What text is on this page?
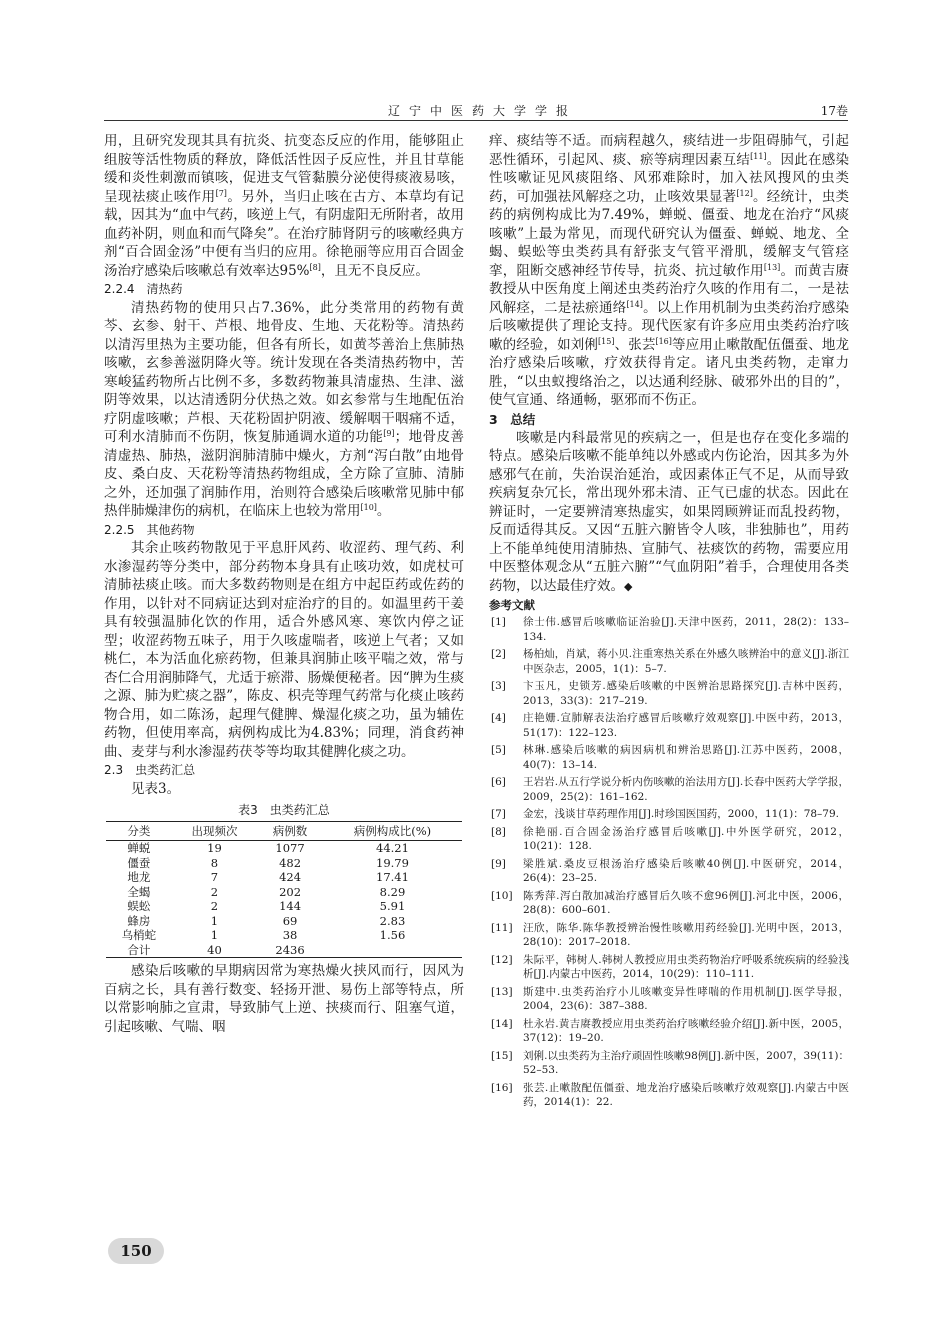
辽宁中医药大学学报	17卷

用，且研究发现其具有抗炎、抗变态反应的作用，能够阻止组胺等活性物质的释放，降低活性因子反应性，并且甘草能缓和炎性刺激而镇咳，促进支气管黏膜分泌使得痰液易咳，呈现祛痰止咳作用[7]。另外，当归止咳在古方、本草均有记载，因其为“血中气药，咳逆上气，有阴虚阳无所附者，故用血药补阴，则血和而气降矣”。在治疗肺肾阴亏的咳嗽经典方剂“百合固金汤”中便有当归的应用。徐艳丽等应用百合固金汤治疗感染后咳嗽总有效率达95%[8]，且无不良反应。

2.2.4　清热药

清热药物的使用只占7.36%，此分类常用的药物有黄芩、玄参、射干、芦根、地骨皮、生地、天花粉等。清热药以清泻里热为主要功能，但各有所长，如黄芩善治上焦肺热咳嗽，玄参善滋阴降火等。统计发现在各类清热药物中，苦寒峻猛药物所占比例不多，多数药物兼具清虚热、生津、滋阴等效果，以达清透阴分伏热之效。如玄参常与生地配伍治疗阴虚咳嗽；芦根、天花粉固护阴液、缓解咽干咽痛不适，可利水清肺而不伤阴，恢复肺通调水道的功能[9]；地骨皮善清虚热、肺热，滋阴润肺清肺中燥火，方剂“泻白散”由地骨皮、桑白皮、天花粉等清热药物组成，全方除了宣肺、清肺之外，还加强了润肺作用，治则符合感染后咳嗽常见肺中郁热伴肺燥津伤的病机，在临床上也较为常用[10]。

2.2.5　其他药物

其余止咳药物散见于平息肝风药、收涩药、理气药、利水渗湿药等分类中，部分药物本身具有止咳功效，如虎杖可清肺祛痰止咳。而大多数药物则是在组方中起臣药或佐药的作用，以针对不同病证达到对症治疗的目的。如温里药干姜具有较强温肺化饮的作用，适合外感风寒、寒饮内停之证型；收涩药物五味子，用于久咳虚喘者，咳逆上气者；又如桃仁，本为活血化瘀药物，但兼具润肺止咳平喘之效，常与杏仁合用润肺降气，尤适于瘀滞、肠燥便秘者。因“脾为生痰之源、肺为贮痰之器”，陈皮、枳壳等理气药常与化痰止咳药物合用，如二陈汤，起理气健脾、燥湿化痰之功，虽为辅佐药物，但使用率高，病例构成比为4.83%；同理，消食药神曲、麦芽与利水渗湿药茯苓等均取其健脾化痰之功。

2.3　虫类药汇总

见表3。

表3　虫类药汇总
分类	出现频次	病例数	病例构成比(%)
蝉蜕	19	1077	44.21
僵蚕	8	482	19.79
地龙	7	424	17.41
全蝎	2	202	8.29
蜈蚣	2	144	5.91
蜂房	1	69	2.83
乌梢蛇	1	38	1.56
合计	40	2436	

感染后咳嗽的早期病因常为寒热燥火挟风而行，因风为百病之长，具有善行数变、轻扬开泄、易伤上部等特点，所以常影响肺之宣肃，导致肺气上逆、挟痰而行、阻塞气道，引起咳嗽、气喘、咽

痒、痰结等不适。而病程越久，痰结进一步阻碍肺气，引起恶性循环，引起风、痰、瘀等病理因素互结[11]。因此在感染性咳嗽证见风痰阻络、风邪难除时，加入祛风搜风的虫类药，可加强祛风解痉之功，止咳效果显著[12]。经统计，虫类药的病例构成比为7.49%，蝉蜕、僵蚕、地龙在治疗“风痰咳嗽”上最为常见，而现代研究认为僵蚕、蝉蜕、地龙、全蝎、蜈蚣等虫类药具有舒张支气管平滑肌，缓解支气管痉挛，阻断交感神经节传导，抗炎、抗过敏作用[13]。而黄吉赓教授从中医角度上阐述虫类药治疗久咳的作用有二，一是祛风解痉，二是祛瘀通络[14]。以上作用机制为虫类药治疗感染后咳嗽提供了理论支持。现代医家有许多应用虫类药治疗咳嗽的经验，如刘俐[15]、张芸[16]等应用止嗽散配伍僵蚕、地龙治疗感染后咳嗽，疗效获得肯定。诸凡虫类药物，走窜力胜，“以虫蚁搜络治之，以达通利经脉、破邪外出的目的”，使气宣通、络通畅，驱邪而不伤正。

3　总结

咳嗽是内科最常见的疾病之一，但是也存在变化多端的特点。感染后咳嗽不能单纯以外感或内伤论治，因其多为外感邪气在前，失治误治延治，或因素体正气不足，从而导致疾病复杂冗长，常出现外邪未清、正气已虚的状态。因此在辨证时，一定要辨清寒热虚实，如果罔顾辨证而乱投药物，反而适得其反。又因“五脏六腑皆令人咳，非独肺也”，用药上不能单纯使用清肺热、宣肺气、祛痰饮的药物，需要应用中医整体观念从“五脏六腑”“气血阴阳”着手，合理使用各类药物，以达最佳疗效。◆

参考文献
[1] 徐士伟.感冒后咳嗽临证治验[J].天津中医药，2011，28(2)：133–134.
[2] 杨柏灿，肖斌，蒋小贝.注重寒热关系在外感久咳辨治中的意义[J].浙江中医杂志，2005，1(1)：5–7.
[3] 卞玉凡，史锁芳.感染后咳嗽的中医辨治思路探究[J].吉林中医药，2013，33(3)：217–219.
[4] 庄艳姗.宣肺解表法治疗感冒后咳嗽疗效观察[J].中医中药，2013，51(17)：122–123.
[5] 林琳.感染后咳嗽的病因病机和辨治思路[J].江苏中医药，2008，40(7)：13–14.
[6] 王岩岩.从五行学说分析内伤咳嗽的治法用方[J].长春中医药大学学报，2009，25(2)：161–162.
[7] 金宏，浅谈甘草药理作用[J].时珍国医国药，2000，11(1)：78–79.
[8] 徐艳丽.百合固金汤治疗感冒后咳嗽[J].中外医学研究，2012，10(21)：128.
[9] 梁胜斌.桑皮豆根汤治疗感染后咳嗽40例[J].中医研究，2014，26(4)：23–25.
[10] 陈秀萍.泻白散加减治疗感冒后久咳不愈96例[J].河北中医，2006，28(8)：600–601.
[11] 汪欣，陈华.陈华教授辨治慢性咳嗽用药经验[J].光明中医，2013，28(10)：2017–2018.
[12] 朱际平，韩树人.韩树人教授应用虫类药物治疗呼吸系统疾病的经验浅析[J].内蒙古中医药，2014，10(29)：110–111.
[13] 斯建中.虫类药治疗小儿咳嗽变异性哮喘的作用机制[J].医学导报，2004，23(6)：387–388.
[14] 杜永岩.黄吉赓教授应用虫类药治疗咳嗽经验介绍[J].新中医，2005，37(12)：19–20.
[15] 刘俐.以虫类药为主治疗顽固性咳嗽98例[J].新中医，2007，39(11)：52–53.
[16] 张芸.止嗽散配伍僵蚕、地龙治疗感染后咳嗽疗效观察[J].内蒙古中医药，2014(1)：22.
150
